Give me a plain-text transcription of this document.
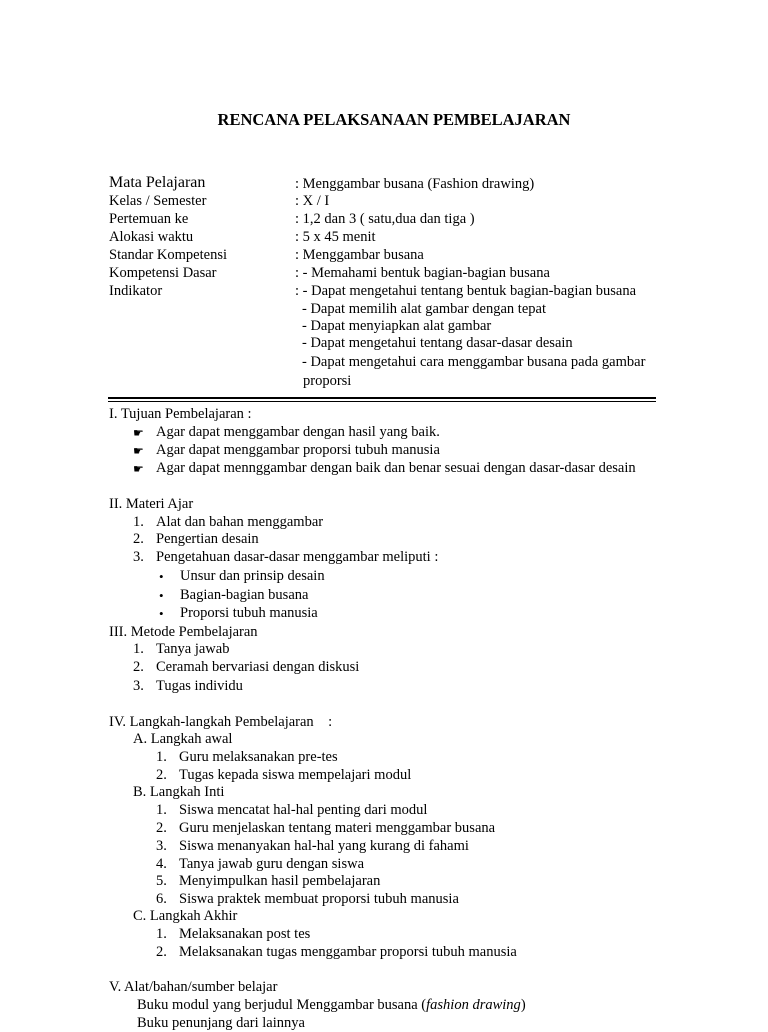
RENCANA PELAKSANAAN PEMBELAJARAN
Mata Pelajaran	: Menggambar busana (Fashion drawing)
Kelas / Semester	: X / I
Pertemuan ke	: 1,2 dan 3 ( satu,dua dan tiga )
Alokasi waktu	: 5 x 45 menit
Standar Kompetensi	: Menggambar busana
Kompetensi Dasar	: - Memahami bentuk bagian-bagian busana
Indikator	: - Dapat mengetahui tentang bentuk bagian-bagian busana
- Dapat memilih alat gambar dengan tepat
- Dapat menyiapkan alat gambar
- Dapat mengetahui tentang dasar-dasar desain
- Dapat mengetahui cara menggambar busana pada gambar
proporsi
I. Tujuan Pembelajaran :
☛ Agar dapat menggambar dengan hasil yang baik.
☛ Agar dapat menggambar proporsi tubuh manusia
☛ Agar dapat mennggambar dengan baik dan benar sesuai dengan dasar-dasar desain
II. Materi Ajar
1. Alat dan bahan menggambar
2. Pengertian desain
3. Pengetahuan dasar-dasar menggambar meliputi :
• Unsur dan prinsip desain
• Bagian-bagian busana
• Proporsi tubuh manusia
III. Metode Pembelajaran
1. Tanya jawab
2. Ceramah bervariasi dengan diskusi
3. Tugas individu
IV. Langkah-langkah Pembelajaran    :
A. Langkah awal
1. Guru melaksanakan pre-tes
2. Tugas kepada siswa mempelajari modul
B. Langkah Inti
1. Siswa mencatat hal-hal penting dari modul
2. Guru menjelaskan tentang materi menggambar busana
3. Siswa menanyakan hal-hal yang kurang di fahami
4. Tanya jawab guru dengan siswa
5. Menyimpulkan hasil pembelajaran
6. Siswa praktek membuat proporsi tubuh manusia
C. Langkah Akhir
1. Melaksanakan post tes
2. Melaksanakan tugas menggambar proporsi tubuh manusia
V. Alat/bahan/sumber belajar
Buku modul yang berjudul Menggambar busana (fashion drawing)
Buku penunjang dari lainnya
